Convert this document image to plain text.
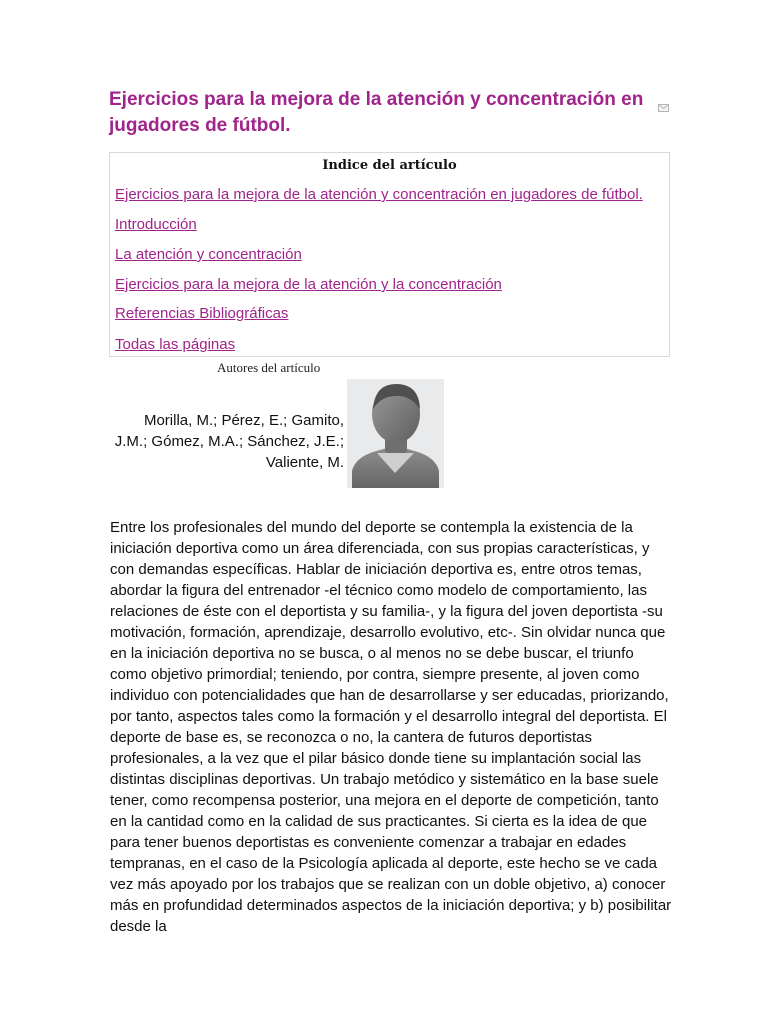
Ejercicios para la mejora de la atención y concentración en jugadores de fútbol.
Indice del artículo
Ejercicios para la mejora de la atención y concentración en jugadores de fútbol.
Introducción
La atención y concentración
Ejercicios para la mejora de la atención y la concentración
Referencias Bibliográficas
Todas las páginas
Autores del artículo
Morilla, M.; Pérez, E.; Gamito, J.M.; Gómez, M.A.; Sánchez, J.E.; Valiente, M.

Entre los profesionales del mundo del deporte se contempla la existencia de la iniciación deportiva como un área diferenciada, con sus propias características, y con demandas específicas. Hablar de iniciación deportiva es, entre otros temas, abordar la figura del entrenador -el técnico como modelo de comportamiento, las relaciones de éste con el deportista y su familia-, y la figura del joven deportista -su motivación, formación, aprendizaje, desarrollo evolutivo, etc-. Sin olvidar nunca que en la iniciación deportiva no se busca, o al menos no se debe buscar, el triunfo como objetivo primordial; teniendo, por contra, siempre presente, al joven como individuo con potencialidades que han de desarrollarse y ser educadas, priorizando, por tanto, aspectos tales como la formación y el desarrollo integral del deportista. El deporte de base es, se reconozca o no, la cantera de futuros deportistas profesionales, a la vez que el pilar básico donde tiene su implantación social las distintas disciplinas deportivas. Un trabajo metódico y sistemático en la base suele tener, como recompensa posterior, una mejora en el deporte de competición, tanto en la cantidad como en la calidad de sus practicantes. Si cierta es la idea de que para tener buenos deportistas es conveniente comenzar a trabajar en edades tempranas, en el caso de la Psicología aplicada al deporte, este hecho se ve cada vez más apoyado por los trabajos que se realizan con un doble objetivo, a) conocer más en profundidad determinados aspectos de la iniciación deportiva; y b) posibilitar desde la
